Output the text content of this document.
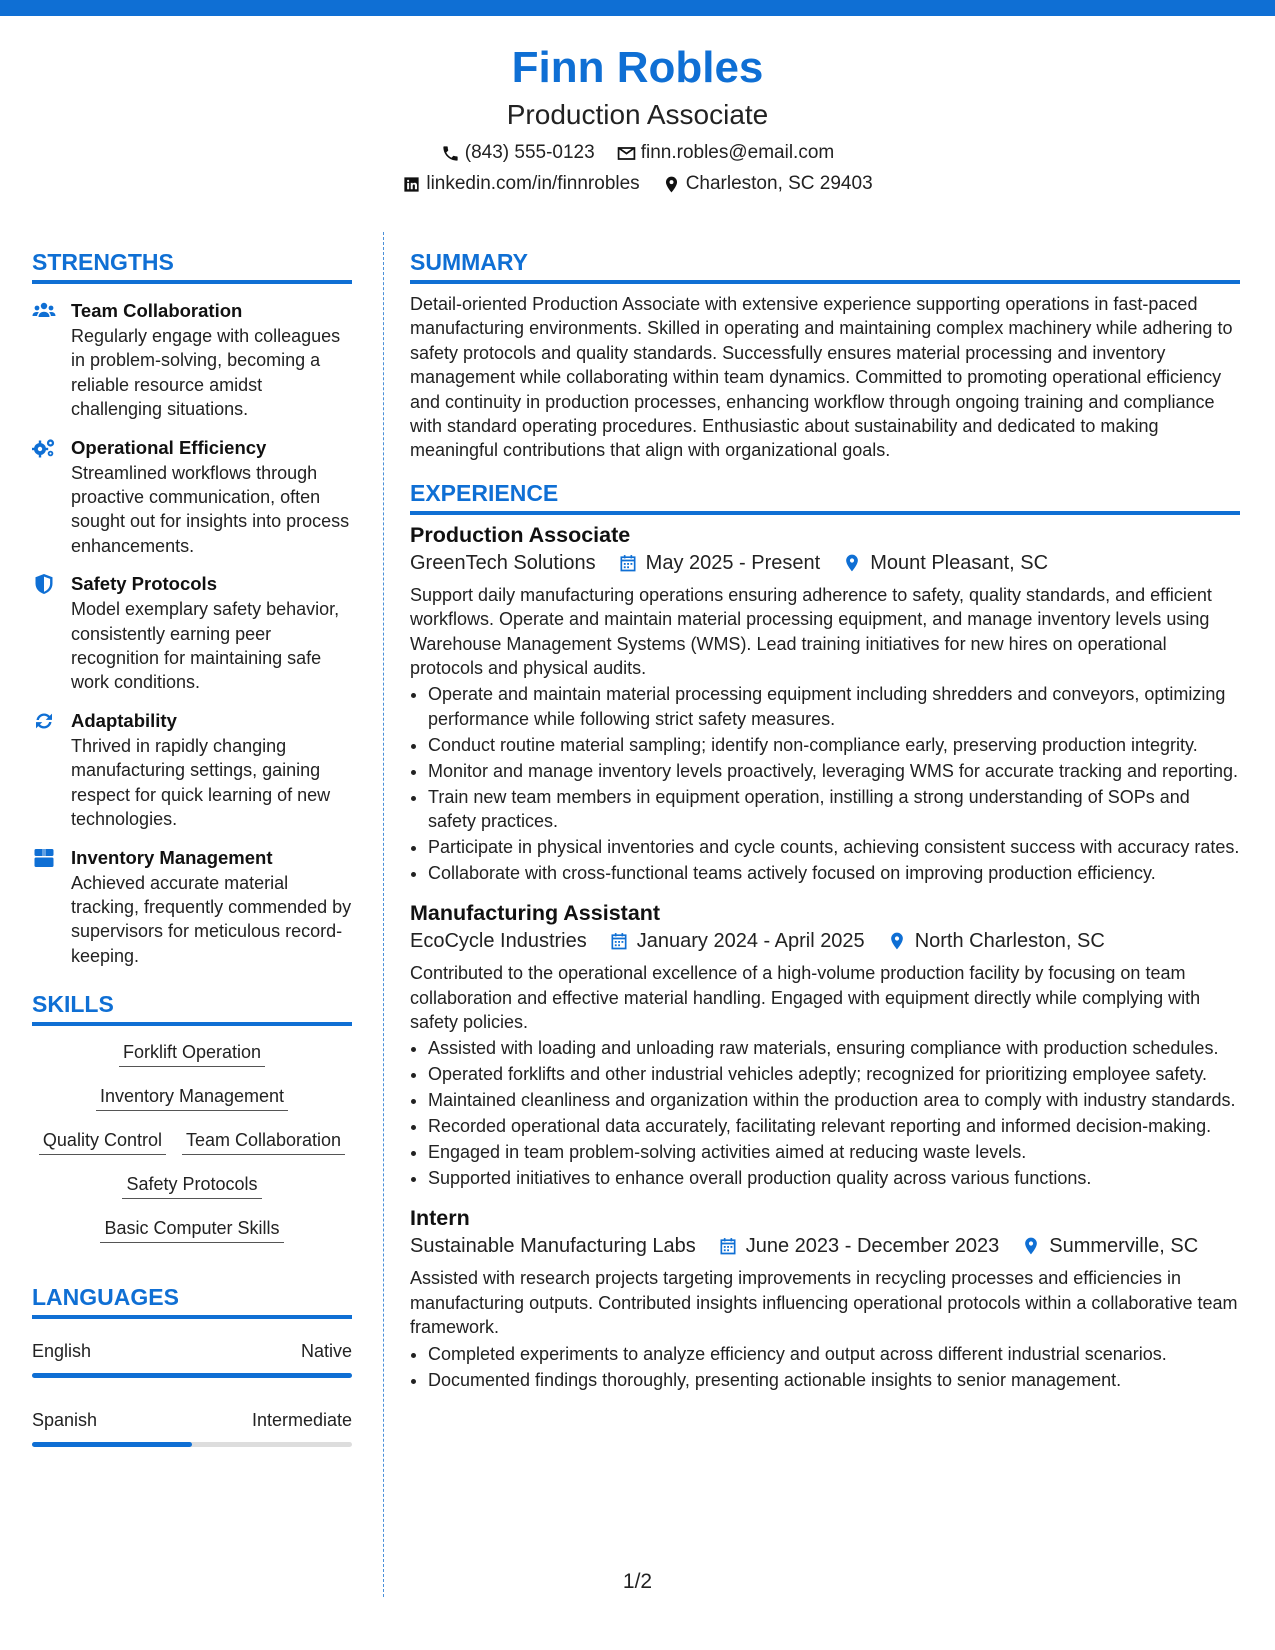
Finn Robles
Production Associate
(843) 555-0123 finn.robles@email.com
linkedin.com/in/finnrobles Charleston, SC 29403
STRENGTHS
Team Collaboration
Regularly engage with colleagues in problem-solving, becoming a reliable resource amidst challenging situations.
Operational Efficiency
Streamlined workflows through proactive communication, often sought out for insights into process enhancements.
Safety Protocols
Model exemplary safety behavior, consistently earning peer recognition for maintaining safe work conditions.
Adaptability
Thrived in rapidly changing manufacturing settings, gaining respect for quick learning of new technologies.
Inventory Management
Achieved accurate material tracking, frequently commended by supervisors for meticulous record-keeping.
SKILLS
Forklift Operation
Inventory Management
Quality Control Team Collaboration
Safety Protocols
Basic Computer Skills
LANGUAGES
English	Native
Spanish	Intermediate
SUMMARY
Detail-oriented Production Associate with extensive experience supporting operations in fast-paced manufacturing environments. Skilled in operating and maintaining complex machinery while adhering to safety protocols and quality standards. Successfully ensures material processing and inventory management while collaborating within team dynamics. Committed to promoting operational efficiency and continuity in production processes, enhancing workflow through ongoing training and compliance with standard operating procedures. Enthusiastic about sustainability and dedicated to making meaningful contributions that align with organizational goals.
EXPERIENCE
Production Associate
GreenTech Solutions	May 2025 - Present	Mount Pleasant, SC
Support daily manufacturing operations ensuring adherence to safety, quality standards, and efficient workflows. Operate and maintain material processing equipment, and manage inventory levels using Warehouse Management Systems (WMS). Lead training initiatives for new hires on operational protocols and physical audits.
• Operate and maintain material processing equipment including shredders and conveyors, optimizing performance while following strict safety measures.
• Conduct routine material sampling; identify non-compliance early, preserving production integrity.
• Monitor and manage inventory levels proactively, leveraging WMS for accurate tracking and reporting.
• Train new team members in equipment operation, instilling a strong understanding of SOPs and safety practices.
• Participate in physical inventories and cycle counts, achieving consistent success with accuracy rates.
• Collaborate with cross-functional teams actively focused on improving production efficiency.
Manufacturing Assistant
EcoCycle Industries	January 2024 - April 2025	North Charleston, SC
Contributed to the operational excellence of a high-volume production facility by focusing on team collaboration and effective material handling. Engaged with equipment directly while complying with safety policies.
• Assisted with loading and unloading raw materials, ensuring compliance with production schedules.
• Operated forklifts and other industrial vehicles adeptly; recognized for prioritizing employee safety.
• Maintained cleanliness and organization within the production area to comply with industry standards.
• Recorded operational data accurately, facilitating relevant reporting and informed decision-making.
• Engaged in team problem-solving activities aimed at reducing waste levels.
• Supported initiatives to enhance overall production quality across various functions.
Intern
Sustainable Manufacturing Labs	June 2023 - December 2023	Summerville, SC
Assisted with research projects targeting improvements in recycling processes and efficiencies in manufacturing outputs. Contributed insights influencing operational protocols within a collaborative team framework.
• Completed experiments to analyze efficiency and output across different industrial scenarios.
• Documented findings thoroughly, presenting actionable insights to senior management.
1/2
